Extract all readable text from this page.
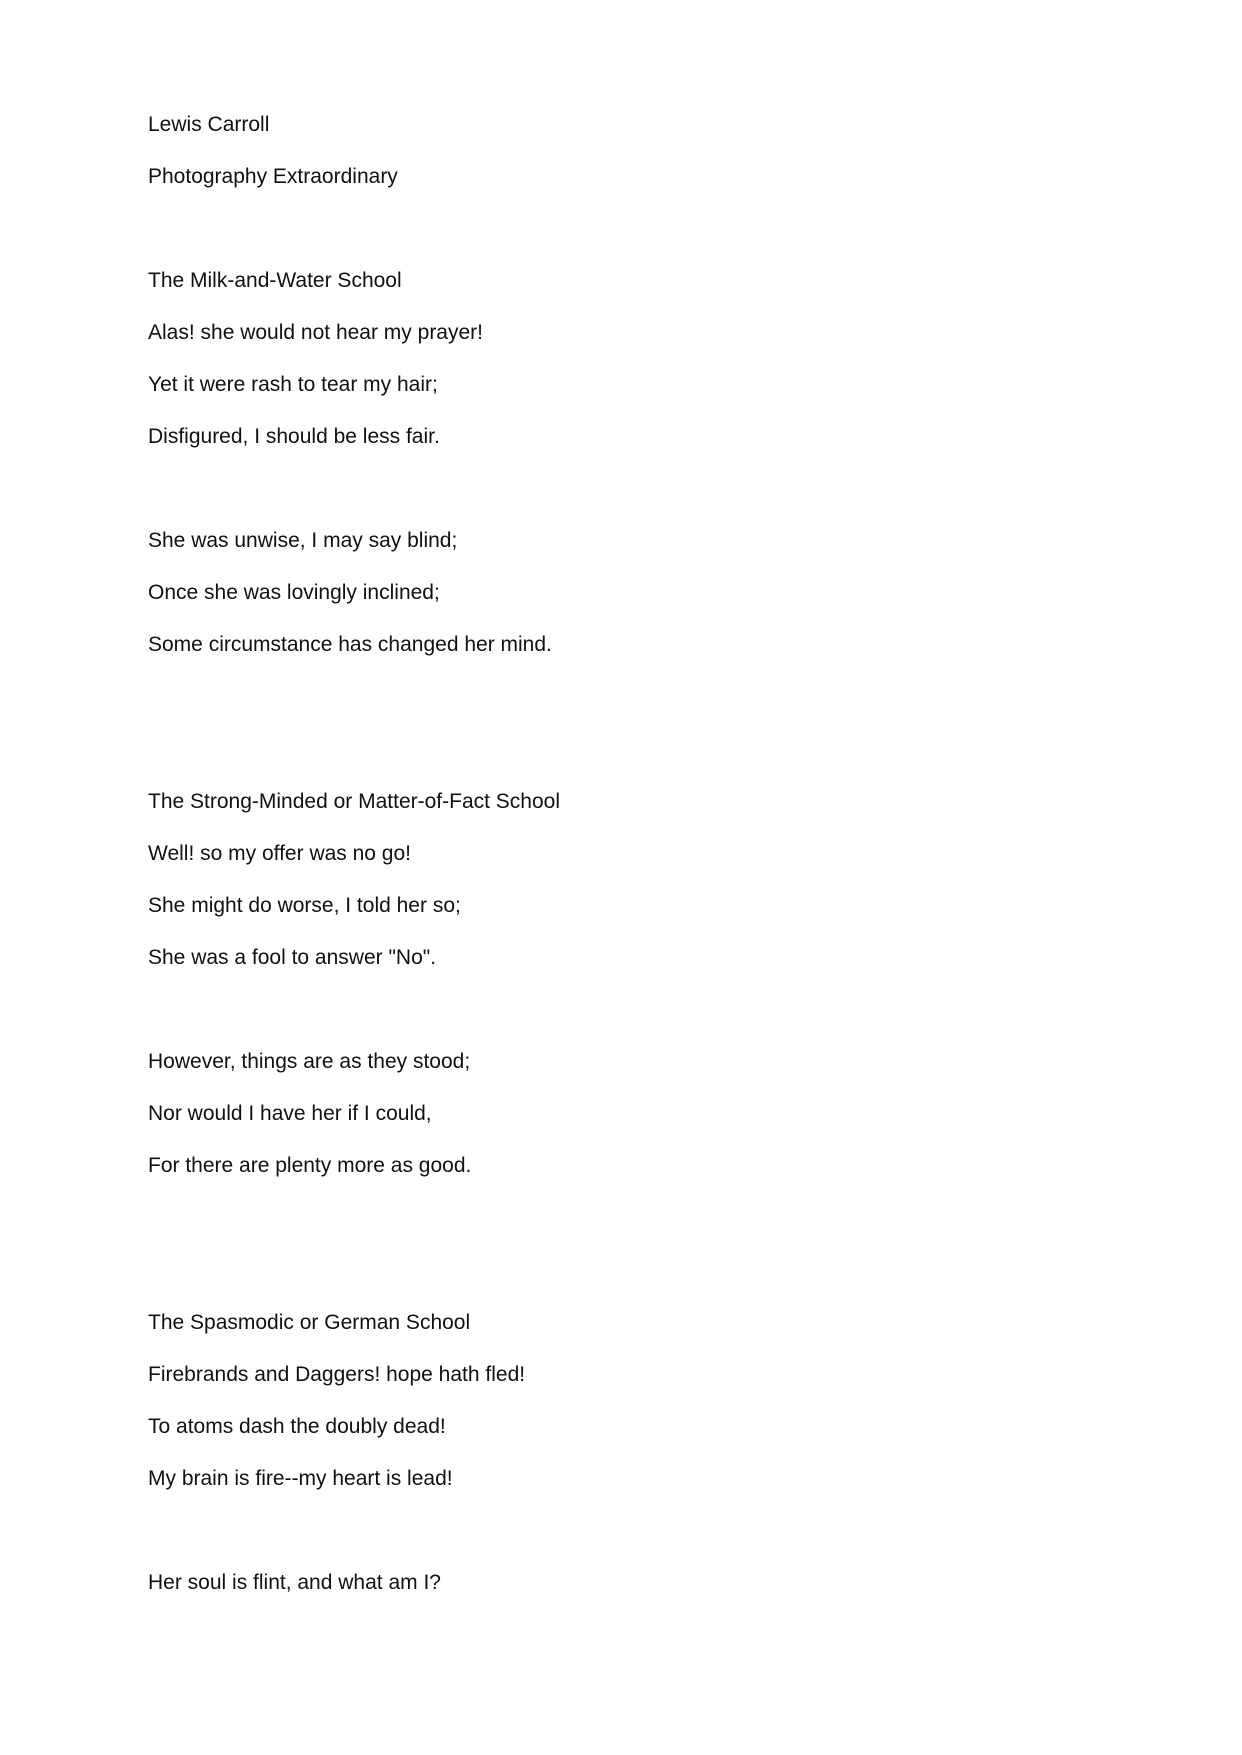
Lewis Carroll

Photography Extraordinary

The Milk-and-Water School

Alas! she would not hear my prayer!

Yet it were rash to tear my hair;

Disfigured, I should be less fair.

She was unwise, I may say blind;

Once she was lovingly inclined;

Some circumstance has changed her mind.

The Strong-Minded or Matter-of-Fact School

Well! so my offer was no go!

She might do worse, I told her so;

She was a fool to answer "No".

However, things are as they stood;

Nor would I have her if I could,

For there are plenty more as good.

The Spasmodic or German School

Firebrands and Daggers! hope hath fled!

To atoms dash the doubly dead!

My brain is fire--my heart is lead!

Her soul is flint, and what am I?
